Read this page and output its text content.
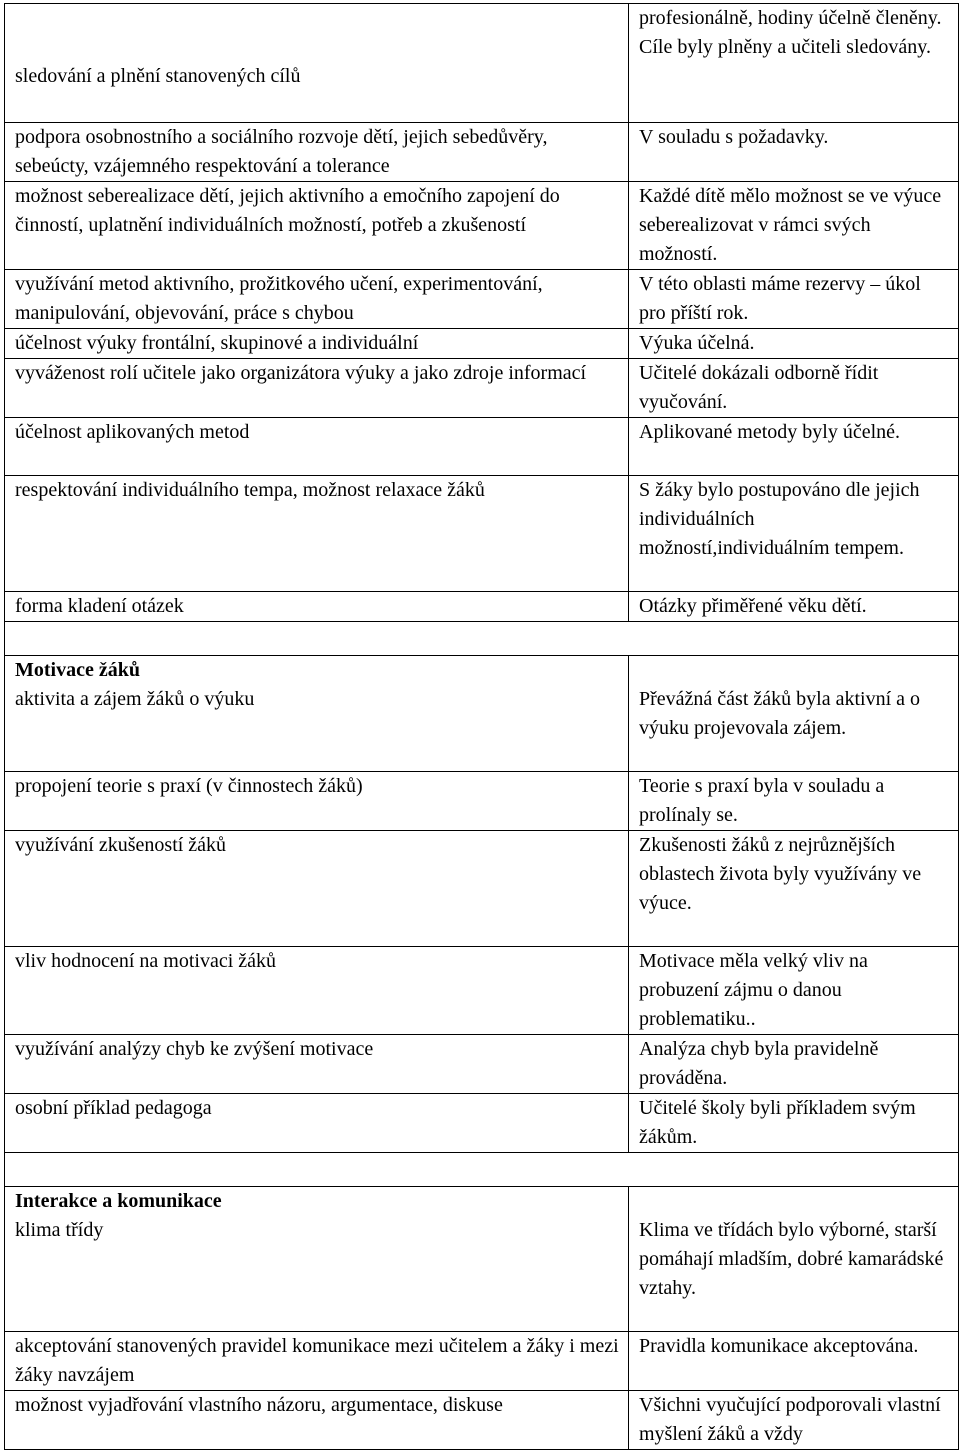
sledování a plnění stanovených cílů	profesionálně, hodiny účelně členěny.
Cíle byly plněny a učiteli sledovány.

podpora osobnostního a sociálního rozvoje dětí, jejich sebedůvěry, sebeúcty, vzájemného respektování a tolerance	V souladu s požadavky.
možnost seberealizace dětí, jejich aktivního a emočního zapojení do činností, uplatnění individuálních možností, potřeb a zkušeností	Každé dítě mělo možnost se ve výuce seberealizovat v rámci svých možností.
využívání metod aktivního, prožitkového učení, experimentování, manipulování, objevování, práce s chybou	V této oblasti máme rezervy – úkol pro příští rok.
účelnost výuky frontální, skupinové a individuální	Výuka účelná.
vyváženost rolí učitele jako organizátora výuky a jako zdroje informací	Učitelé dokázali odborně řídit vyučování.
účelnost aplikovaných metod	Aplikované metody byly účelné.
respektování individuálního tempa, možnost relaxace žáků	S žáky bylo postupováno dle jejich individuálních možností,individuálním tempem.
forma kladení otázek	Otázky přiměřené věku dětí.

Motivace žáků
aktivita a zájem žáků o výuku	Převážná část žáků byla aktivní a o výuku projevovala zájem.

propojení teorie s praxí (v činnostech žáků)	Teorie s praxí byla v souladu a prolínaly se.
využívání zkušeností žáků	Zkušenosti žáků z nejrůznějších oblastech života byly využívány ve výuce.
vliv hodnocení na motivaci žáků	Motivace měla velký vliv na probuzení zájmu o danou problematiku..
využívání analýzy chyb ke zvýšení motivace	Analýza chyb byla pravidelně prováděna.
osobní příklad pedagoga	Učitelé školy byli příkladem svým žákům.

Interakce a komunikace
klima třídy	Klima ve třídách bylo výborné, starší pomáhají mladším, dobré kamarádské vztahy.

akceptování stanovených pravidel komunikace mezi učitelem a žáky i mezi žáky navzájem	Pravidla komunikace akceptována.
možnost vyjadřování vlastního názoru, argumentace, diskuse	Všichni vyučující podporovali vlastní myšlení žáků a vždy
